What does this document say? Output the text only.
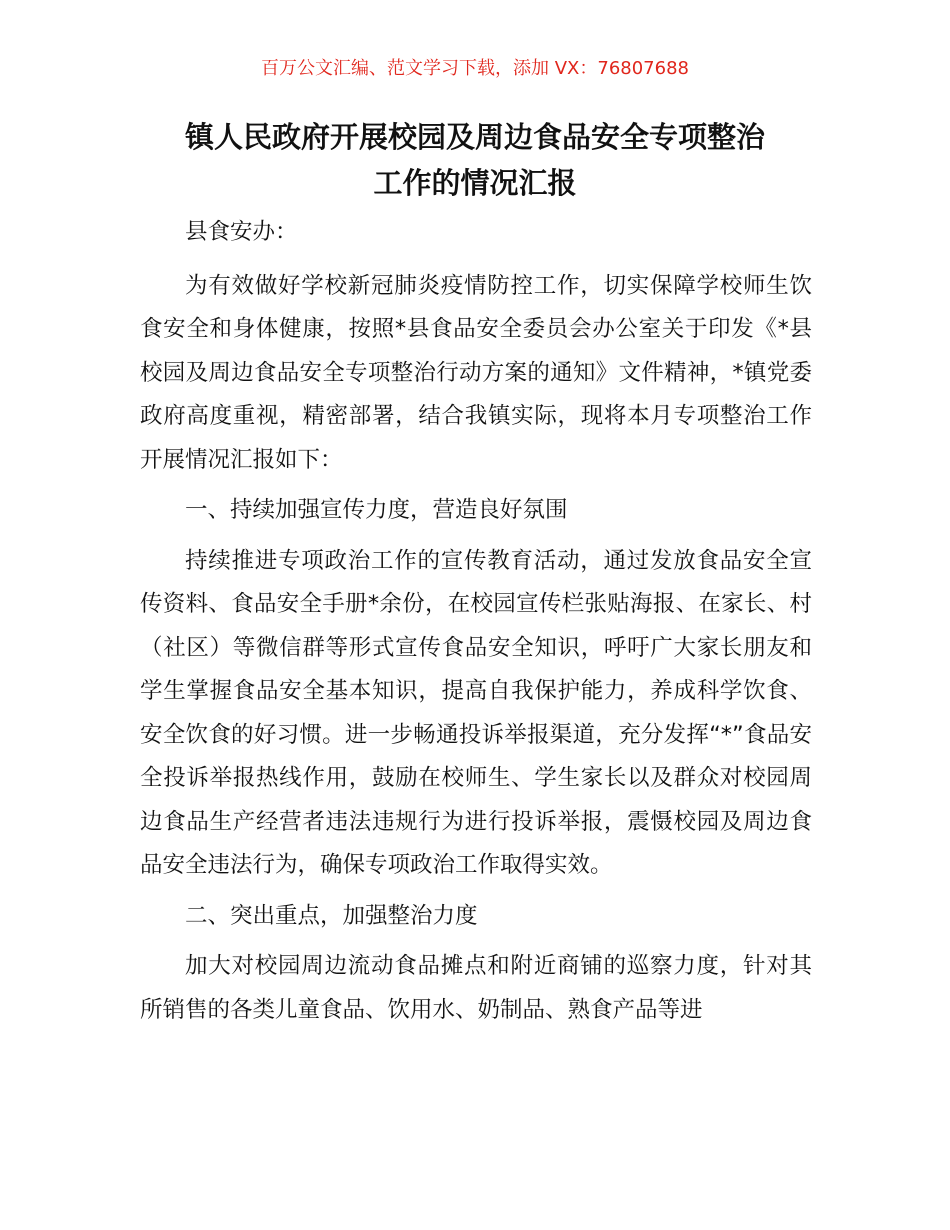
百万公文汇编、范文学习下载，添加 VX：76807688
镇人民政府开展校园及周边食品安全专项整治
工作的情况汇报

县食安办：

为有效做好学校新冠肺炎疫情防控工作，切实保障学校师生饮食安全和身体健康，按照*县食品安全委员会办公室关于印发《*县校园及周边食品安全专项整治行动方案的通知》文件精神，*镇党委政府高度重视，精密部署，结合我镇实际，现将本月专项整治工作开展情况汇报如下：

一、持续加强宣传力度，营造良好氛围

持续推进专项政治工作的宣传教育活动，通过发放食品安全宣传资料、食品安全手册*余份，在校园宣传栏张贴海报、在家长、村（社区）等微信群等形式宣传食品安全知识，呼吁广大家长朋友和学生掌握食品安全基本知识，提高自我保护能力，养成科学饮食、安全饮食的好习惯。进一步畅通投诉举报渠道，充分发挥“*”食品安全投诉举报热线作用，鼓励在校师生、学生家长以及群众对校园周边食品生产经营者违法违规行为进行投诉举报，震慑校园及周边食品安全违法行为，确保专项政治工作取得实效。

二、突出重点，加强整治力度

加大对校园周边流动食品摊点和附近商铺的巡察力度，针对其所销售的各类儿童食品、饮用水、奶制品、熟食产品等进
